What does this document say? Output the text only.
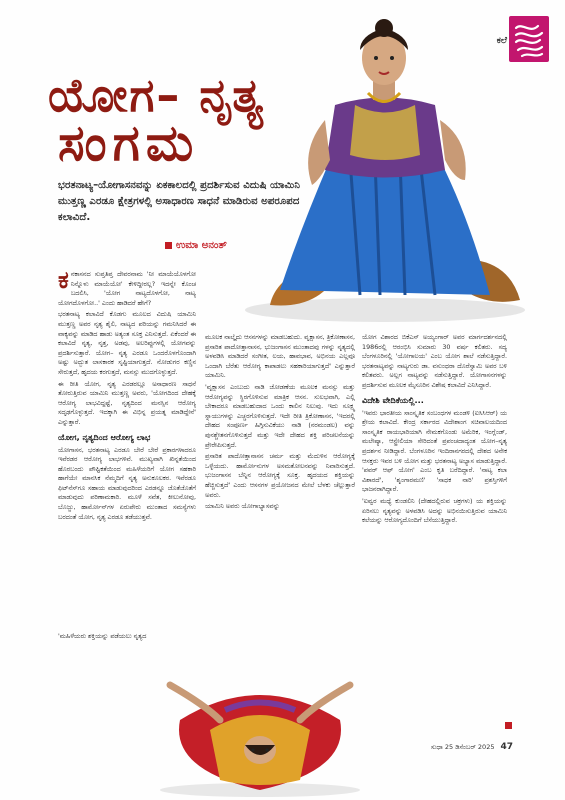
ಕಲೆ
ಯೋಗ– ನೃತ್ಯ
ಸಂಗಮ
ಭರತನಾಟ್ಯ–ಯೋಗಾಸನವನ್ನು ಏಕಕಾಲದಲ್ಲಿ ಪ್ರದರ್ಶಿಸುವ ವಿದುಷಿ ಯಾಮಿನಿ ಮುತ್ತಣ್ಣ ಎರಡೂ ಕ್ಷೇತ್ರಗಳಲ್ಲಿ ಅಸಾಧಾರಣ ಸಾಧನೆ ಮಾಡಿರುವ ಅಪರೂಪದ ಕಲಾವಿದೆ.
ಉಮಾ ಅನಂತ್

ಕನಕಾಸನದ ಸುಪ್ತತಿಪ್ತ ದೇವರನಾಮ 'ನೀ ಮಾಯೆಯೊಳಗೋ ನಿನ್ನೊಳು ಮಾಯೆಯೋ' ಕೇಳಿದ್ದೀರಲ್ಲ? ಇದನ್ನೇ ಕೊಂಚ ಬದಲಿಸಿ, 'ಯೋಗ ನಾಟ್ಯದೊಳಗೋ, ನಾಟ್ಯ ಯೋಗದೊಳಗೋ..' ಎಂದು ಹಾಡಿದರೆ ಹೇಗೆ?

ಭರತನಾಟ್ಯ ಕಲಾವಿದೆ ಕೊಡಗು ಮೂಲದ ವಿದುಷಿ ಯಾಮಿನಿ ಮುತ್ತಣ್ಣ ಅವರ ನೃತ್ಯ ಶೈಲಿ, ನಾಟ್ಯದ ಪರಿಯನ್ನು ಗಮನಿಸಿದರೆ ಈ ವಾಕ್ಯವನ್ನು ಮಾಡಿದ ಹಾಡು ಅತ್ಯಂತ ಸೂಕ್ತ ಎನಿಸುತ್ತದೆ. ಏಕೆಂದರೆ ಈ ಕಲಾವಿದೆ ನೃತ್ಯ, ನೃತ್ತ, ಅಡವು, ಅಲರಿಪ್ಪುಗಳಲ್ಲಿ ಯೋಗವನ್ನು ಪ್ರದರ್ಶಿಸುತ್ತಾರೆ. ಯೋಗ– ನೃತ್ಯ ಎರಡೂ ಒಂದರೊಳಗೊಂದಾಗಿ ಅಷ್ಟು ಅದ್ಭುತ ಲಾಸಕಾರಕ ಸೃಷ್ಟಿಯಾಗುತ್ತದೆ. ನೋಡುಗರ ಕಣ್ಣಿನ ಸೇರುತ್ತದೆ, ಹೃದಯ ಕರಗುತ್ತದೆ, ಮನಸ್ಸು ಮುದಗೊಳ್ಳುತ್ತದೆ.

ಈ ರೀತಿ ಯೋಗ, ನೃತ್ಯ ಎರಡರಲ್ಲೂ ಅಸಾಧಾರಣ ಸಾಧನೆ ತೋರುತ್ತಿರುವ ಯಾಮಿನಿ ಮುತ್ತಣ್ಣ ಅವರು, 'ಯೋಗದಿಂದ ದೇಹಕ್ಕೆ ಆರೋಗ್ಯ ಲಾಭವಿದ್ದಷ್ಟೆ, ನೃತ್ಯದಿಂದ ಮನಸ್ಸಿನ ಆರೋಗ್ಯ ಸದೃಢಗೊಳ್ಳುತ್ತದೆ. ಇದಕ್ಕಾಗಿ ಈ ವಿಭಿನ್ನ ಪ್ರಯತ್ನ ಮಾಡಿದ್ದೇನೆ' ಎನ್ನುತ್ತಾರೆ.

ಯೋಗ, ನೃತ್ಯದಿಂದ ಆರೋಗ್ಯ ಲಾಭ

ಯೋಗಾಸನ, ಭರತನಾಟ್ಯ ಎರಡೂ ಬೇರೆ ಬೇರೆ ಪ್ರಕಾರಗಳಾದರೂ ಇವೆರಡರ ಆರೋಗ್ಯ ಲಾಭಗಳಿವೆ. ಮುಖ್ಯವಾಗಿ ಖಿನ್ನತೆಯಿಂದ ಹೊರಬಂದು ಪೌಷ್ಟಿಕತೆಯಿಂದ ಮಹಿಳೆಯರಿಗೆ ಯೋಗ ಸಹಕಾರಿ ಹಾಗೆಯೇ ಮಾನಸಿಕ ನೆಮ್ಮದಿಗೆ ನೃತ್ಯ ಅನುಕೂಲಕರ. ಇವೆರಡೂ ಫಿಟ್‌ನೆಸ್‌ಗೂ ಸಹಾಯ ಮಾಡುವುದರಿಂದ ಎರಡನ್ನೂ ಜೊತೆಜೊತೆಗೆ ಮಾಡುವುದು ಪರಿಣಾಮಕಾರಿ. ಮೂಳೆ ಸವೆತ, ಕೀಲುನೋವು, ಬೊಜ್ಜು, ಹಾರ್ಮೋನ್‌ಗಳ ಏರುಪೇರು ಮುಂತಾದ ಸಮಸ್ಯೆಗಳು ಬರದಂತೆ ಯೋಗ, ನೃತ್ಯ ಎರಡೂ ತಡೆಯುತ್ತವೆ.

ಮೂಲಕ ನಾಲ್ಕೈದು ಆಸನಗಳನ್ನು ಮಾಡಬಹುದು. ವೃಕ್ಷಾಸನ, ತ್ರಿಕೋಣಾಸನ, ಪ್ರಸಾರಿತ ಪಾದೋತ್ತಾನಾಸನ, ಭುಜಂಗಾಸನ ಮುಂತಾದವು ಗಳನ್ನು ನೃತ್ಯದಲ್ಲಿ ಅಳವಡಿಸಿ ಮಾಡಿದರೆ ಸಂಗೀತ, ಲಯ, ಹಾವಭಾವ, ಅಭಿನಯ ಎಲ್ಲವೂ ಒಂದಾಗಿ ಬೆರೆತು ಆರೋಗ್ಯ ಕಾಪಾಡಲು ಸಹಕಾರಿಯಾಗುತ್ತದೆ' ಎನ್ನುತ್ತಾರೆ ಯಾಮಿನಿ.

'ವೃಕ್ಷಾಸನ ಎಂಬುದು ನಾಡಿ ಜೋಡಣೆಯ ಮೂಲಕ ಮನಸ್ಸು ಮತ್ತು ಆರೋಗ್ಯವನ್ನು ಸ್ಥಿರಗೊಳಿಸುವ ಮಾತ್ರಿಕ ಆಸನ. ಸುಲಭವಾಗಿ, ಎಲ್ಲಿ ಬೇಕಾದರೂ ಮಾಡಬಹುದಾದ ಒಂದು ಕಾಲಿನ ನಿಲುವು. ಇದು ಸೂಕ್ಷ್ಮ ಸ್ನಾಯುಗಳನ್ನು ಎಚ್ಚರಗೊಳಿಸುತ್ತದೆ. ಇದೇ ರೀತಿ ತ್ರಿಕೋಣಾಸನ, 'ಇದರಲ್ಲಿ ದೇಹದ ಸಂಪೂರ್ಣ ಹಿಗ್ಗಿಸುವಿಕೆಯು ನಾಡಿ (ನರಮಂಡಲ) ವನ್ನು ಪುನಶ್ಚೇತನಗೊಳಿಸುತ್ತದೆ ಮತ್ತು ಇದೇ ದೇಹದ ಶಕ್ತಿ ಪರಿಚಲನೆಯನ್ನು ಪ್ರೇರೇಪಿಸುತ್ತದೆ.

ಪ್ರಸಾರಿತ ಪಾದೋತ್ತಾನಾಸನ ಚರ್ಮ ಮತ್ತು ಮೆದುಳಿನ ಆರೋಗ್ಯಕ್ಕೆ ಒಳ್ಳೆಯದು. ಹಾರ್ಮೋನುಗಳ ಅಸಮತೋಲನವನ್ನು ನಿವಾರಿಸುತ್ತದೆ. ಭುಜಂಗಾಸನ ಬೆನ್ನಿನ ಆರೋಗ್ಯಕ್ಕೆ ಸೂಕ್ತ. ಹೃದಯದ ಶಕ್ತಿಯನ್ನು ಹೆಚ್ಚಿಸುತ್ತದೆ' ಎಂದು ಆಸನಗಳ ಪ್ರಯೋಜನದ ಮೇಲೆ ಬೆಳಕು ಚೆಲ್ಲುತ್ತಾರೆ ಅವರು.

ಯಾಮಿನಿ ಅವರು ಯೋಗಾಭ್ಯಾಸವನ್ನು

ಯೋಗ ವಿಶಾರದ ಬಿಕೆಎಸ್ ಅಯ್ಯಂಗಾರ್ ಅವರ ಮಾರ್ಗದರ್ಶನದಲ್ಲಿ 1986ರಲ್ಲಿ ಆರಂಭಿಸಿ ಸುಮಾರು 30 ವರ್ಷ ಕಲಿತರು. ಸದ್ಯ ಬೆಂಗಳೂರಿನಲ್ಲಿ 'ಯೋಗಾಲಯ' ಎಂಬ ಯೋಗ ಶಾಲೆ ನಡೆಸುತ್ತಿದ್ದಾರೆ. ಭರತನಾಟ್ಯವನ್ನು ನಾಟ್ಯಗುರು ಡಾ. ವಸುಂಧರಾ ದೊರೆಸ್ವಾಮಿ ಅವರ ಬಳಿ ಕಲಿತವರು. ಅಲ್ಲಗ ನಾಟ್ಯವನ್ನು ನಡೆಸುತ್ತಿದ್ದಾರೆ. ಯೋಗಾಸನಗಳನ್ನು ಪ್ರದರ್ಶಿಸುವ ಮೂಲಕ ಮೈಸೂರಿನ ವಿಶೇಷ ಕಲಾವಿದೆ ಎನಿಸಿದ್ದಾರೆ.

ವಿದೇಶಿ ವೇದಿಕೆಯಲ್ಲಿ...

'ಇವರು ಭಾರತೀಯ ಸಾಂಸ್ಕೃತಿಕ ಸಂಬಂಧಗಳ ಮಂಡಳಿ (ಐಸಿಸಿಆರ್) ಯ ಶ್ರೇಯ ಕಲಾವಿದೆ. ಕೇಂದ್ರ ಸರ್ಕಾರದ ವಿದೇಶಾಂಗ ಸಚಿವಾಲಯದಿಂದ ಸಾಂಸ್ಕೃತಿಕ ರಾಯಭಾರಿಯಾಗಿ ನೇಮಕಗೊಂಡು ಅಮೆರಿಕ, ಇಂಗ್ಲೆಂಡ್, ಮಲೇಷ್ಯಾ, ಆಸ್ಟ್ರೇಲಿಯಾ ಸೇರಿದಂತೆ ಪ್ರಪಂಚದಾದ್ಯಂತ ಯೋಗ–ನೃತ್ಯ ಪ್ರದರ್ಶನ ನೀಡಿದ್ದಾರೆ. ಬೆಂಗಳೂರಿನ ಇಂದಿರಾನಗರದಲ್ಲಿ ದೇಶದ ಅನೇಕ ಆಸಕ್ತರು ಇವರ ಬಳಿ ಯೋಗ ಮತ್ತು ಭರತನಾಟ್ಯ ಅಭ್ಯಾಸ ಮಾಡುತ್ತಿದ್ದಾರೆ. 'ಪವರ್ ಆಫ್ ಯೋಗ' ಎಂಬ ಕೃತಿ ಬರೆದಿದ್ದಾರೆ. 'ನಾಟ್ಯ ಕಲಾ ವಿಶಾರದೆ', 'ಶೃಂಗಾರಮಣಿ' 'ಸಾಧಕ ನಾರಿ' ಪ್ರಶಸ್ತಿಗಳಿಗೆ ಭಾಜನರಾಗಿದ್ದಾರೆ.

'ಐವ್ವರ ಮಧ್ಯೆ ಕುಂಡಲಿನಿ (ದೇಹದಲ್ಲಿರುವ ಚಕ್ರಗಳು) ಯ ಶಕ್ತಿಯನ್ನು ಏರಿಸಲು ನೃತ್ಯವನ್ನು ಅಳವಡಿಸಿ ಅದನ್ನು ಅಭಿನಯಿಸುತ್ತಿರುವ ಯಾಮಿನಿ ಕಲೆಯನ್ನು ಆರೋಗ್ಯದೊಂದಿಗೆ ಬೆಸೆಯುತ್ತಿದ್ದಾರೆ.

'ಮಹಿಳೆಯರು ಶಕ್ತಿಯನ್ನು ಪಡೆಯಲು ನೃತ್ಯದ

ಸುಧಾ 25 ಡಿಸೆಂಬರ್ 2025 47
